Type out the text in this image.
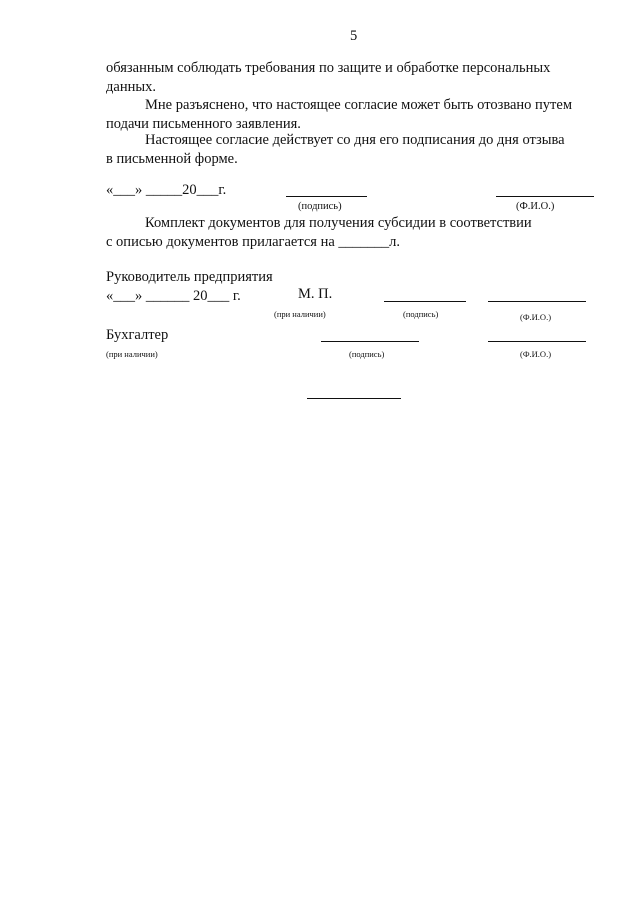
5

обязанным соблюдать требования по защите и обработке персональных
данных.

Мне разъяснено, что настоящее согласие может быть отозвано путем
подачи письменного заявления.

Настоящее согласие действует со дня его подписания до дня отзыва
в письменной форме.

«___» _____20___г.
(подпись)	(Ф.И.О.)

Комплект документов для получения субсидии в соответствии
с описью документов прилагается на _______л.

Руководитель предприятия
«___» ______ 20___ г.	М. П.
(при наличии)	(подпись)	(Ф.И.О.)
Бухгалтер
(при наличии)	(подпись)	(Ф.И.О.)
